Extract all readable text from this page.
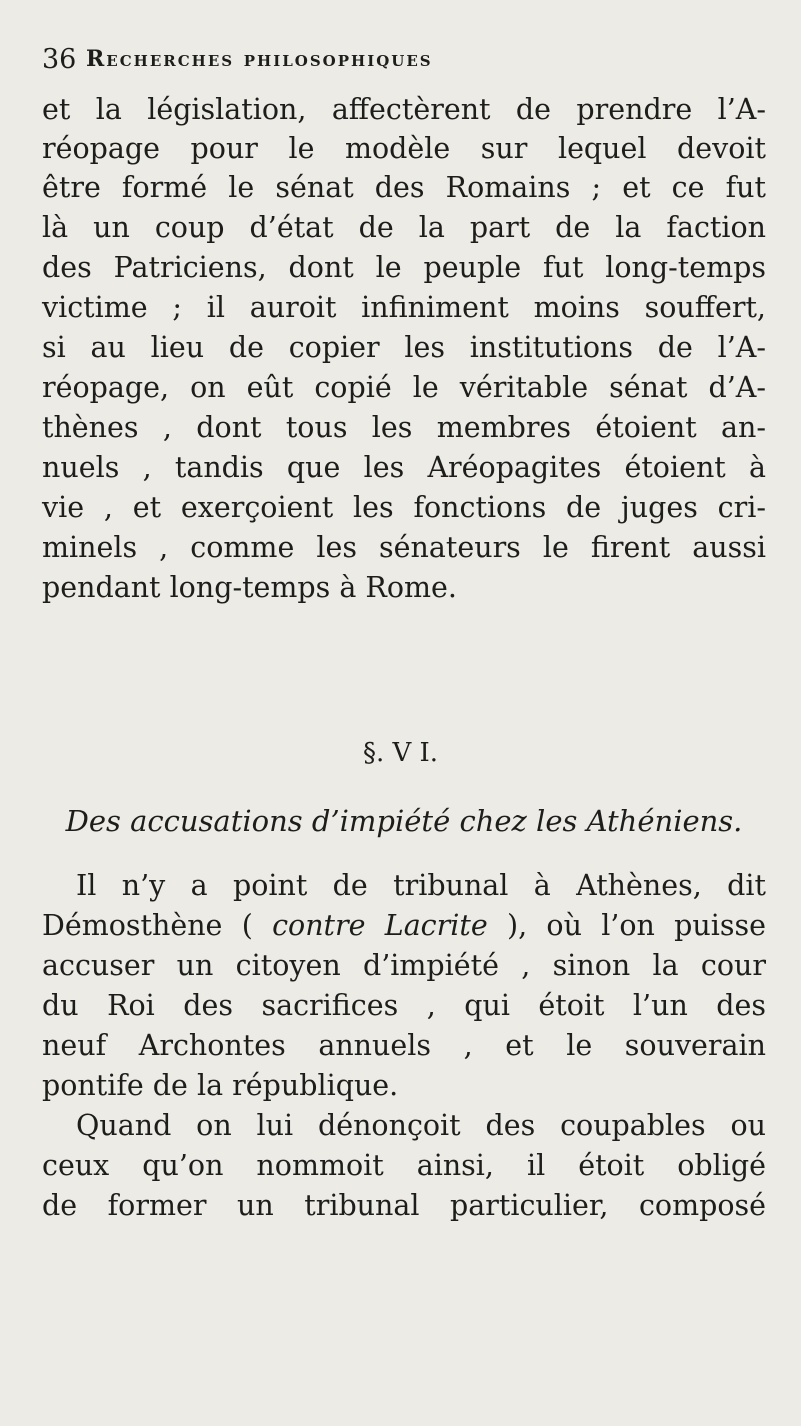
36 Recherches philosophiques
et la législation, affectèrent de prendre l’A-
réopage pour le modèle sur lequel devoit
être formé le sénat des Romains ; et ce fut
là un coup d’état de la part de la faction
des Patriciens, dont le peuple fut long-temps
victime ; il auroit infiniment moins souffert,
si au lieu de copier les institutions de l’A-
réopage, on eût copié le véritable sénat d’A-
thènes , dont tous les membres étoient an-
nuels , tandis que les Aréopagites étoient à
vie , et exerçoient les fonctions de juges cri-
minels , comme les sénateurs le firent aussi
pendant long-temps à Rome.
§. V I.
Des accusations d’impiété chez les Athéniens.
Il n’y a point de tribunal à Athènes, dit
Démosthène ( contre Lacrite ), où l’on puisse
accuser un citoyen d’impiété , sinon la cour
du Roi des sacrifices , qui étoit l’un des
neuf Archontes annuels , et le souverain
pontife de la république.
Quand on lui dénonçoit des coupables ou
ceux qu’on nommoit ainsi, il étoit obligé
de former un tribunal particulier, composé
